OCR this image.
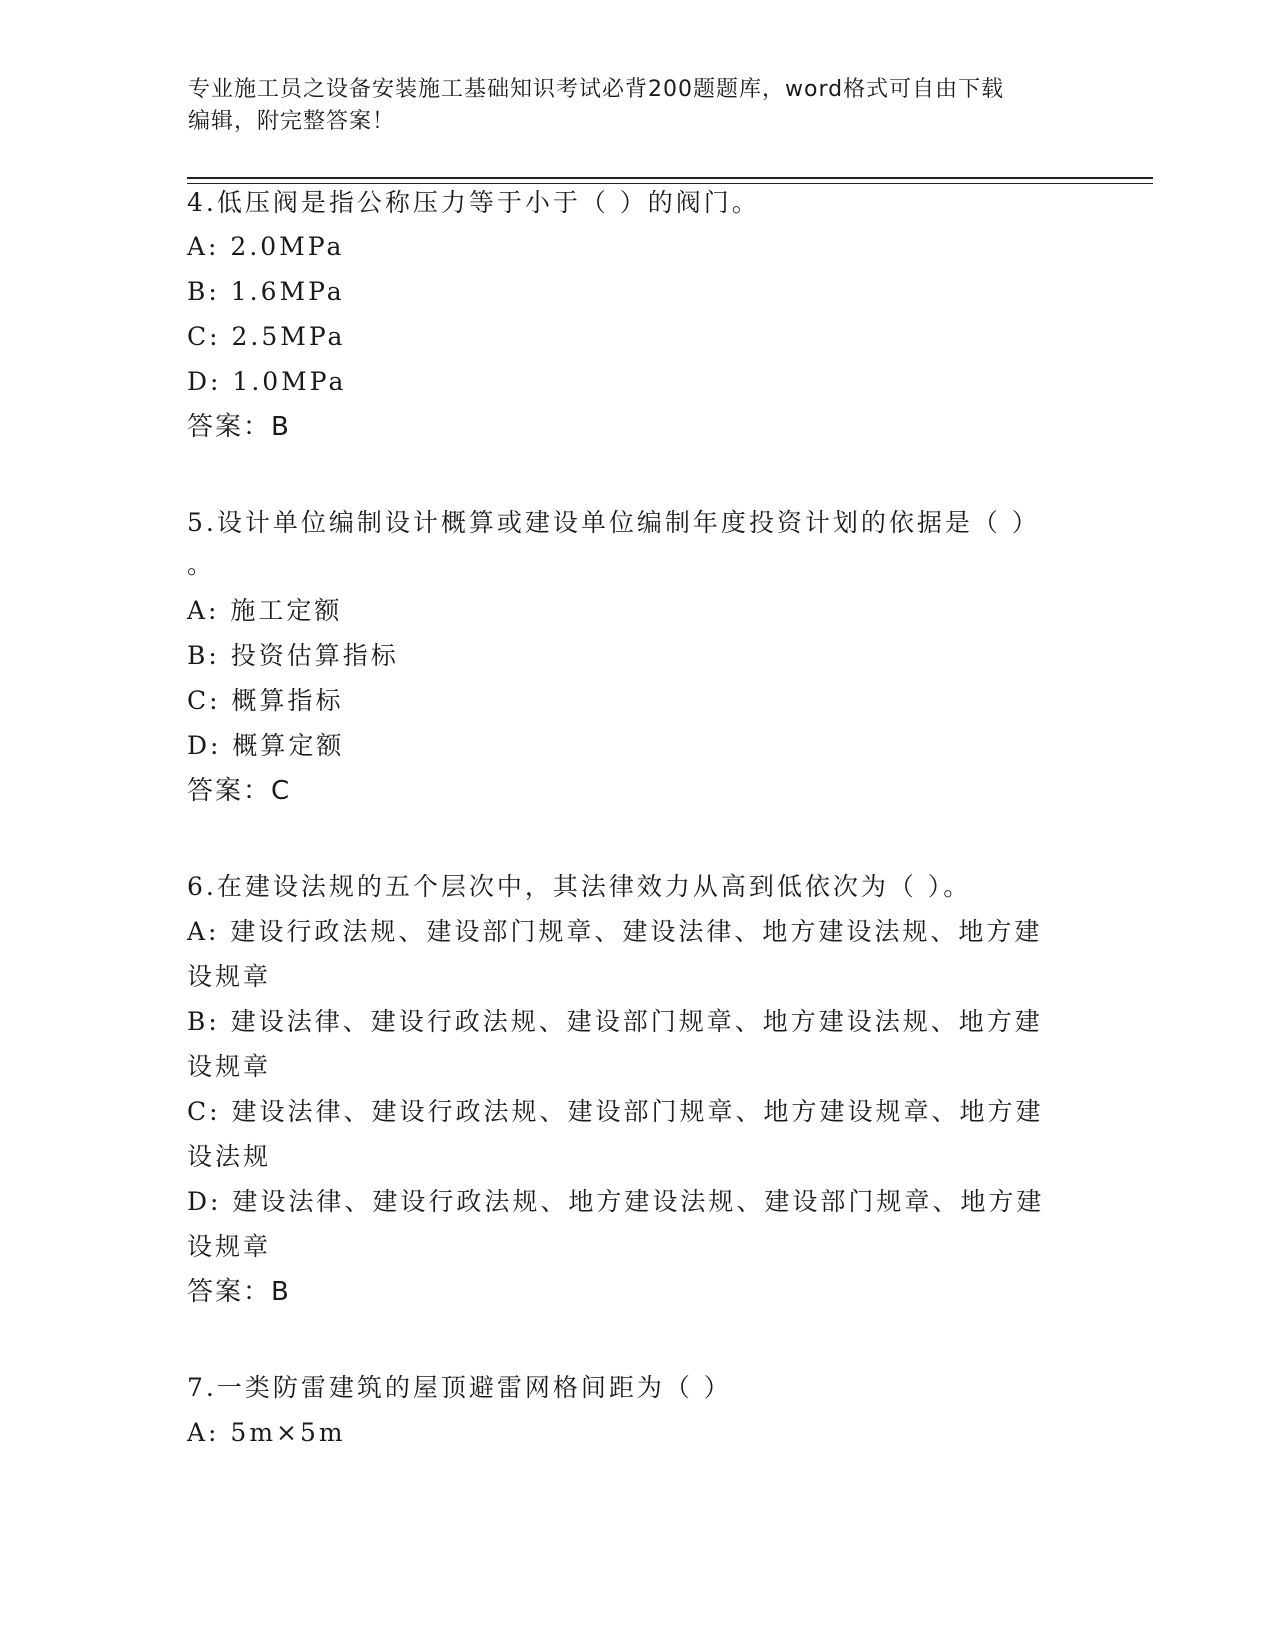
专业施工员之设备安装施工基础知识考试必背200题题库，word格式可自由下载
编辑，附完整答案！
4.低压阀是指公称压力等于小于（ ）的阀门。
A: 2.0MPa
B: 1.6MPa
C: 2.5MPa
D: 1.0MPa
答案：B
5.设计单位编制设计概算或建设单位编制年度投资计划的依据是（ ）
。
A: 施工定额
B: 投资估算指标
C: 概算指标
D: 概算定额
答案：C
6.在建设法规的五个层次中，其法律效力从高到低依次为（ ）。
A: 建设行政法规、建设部门规章、建设法律、地方建设法规、地方建
设规章
B: 建设法律、建设行政法规、建设部门规章、地方建设法规、地方建
设规章
C: 建设法律、建设行政法规、建设部门规章、地方建设规章、地方建
设法规
D: 建设法律、建设行政法规、地方建设法规、建设部门规章、地方建
设规章
答案：B
7.一类防雷建筑的屋顶避雷网格间距为（ ）
A: 5m×5m
